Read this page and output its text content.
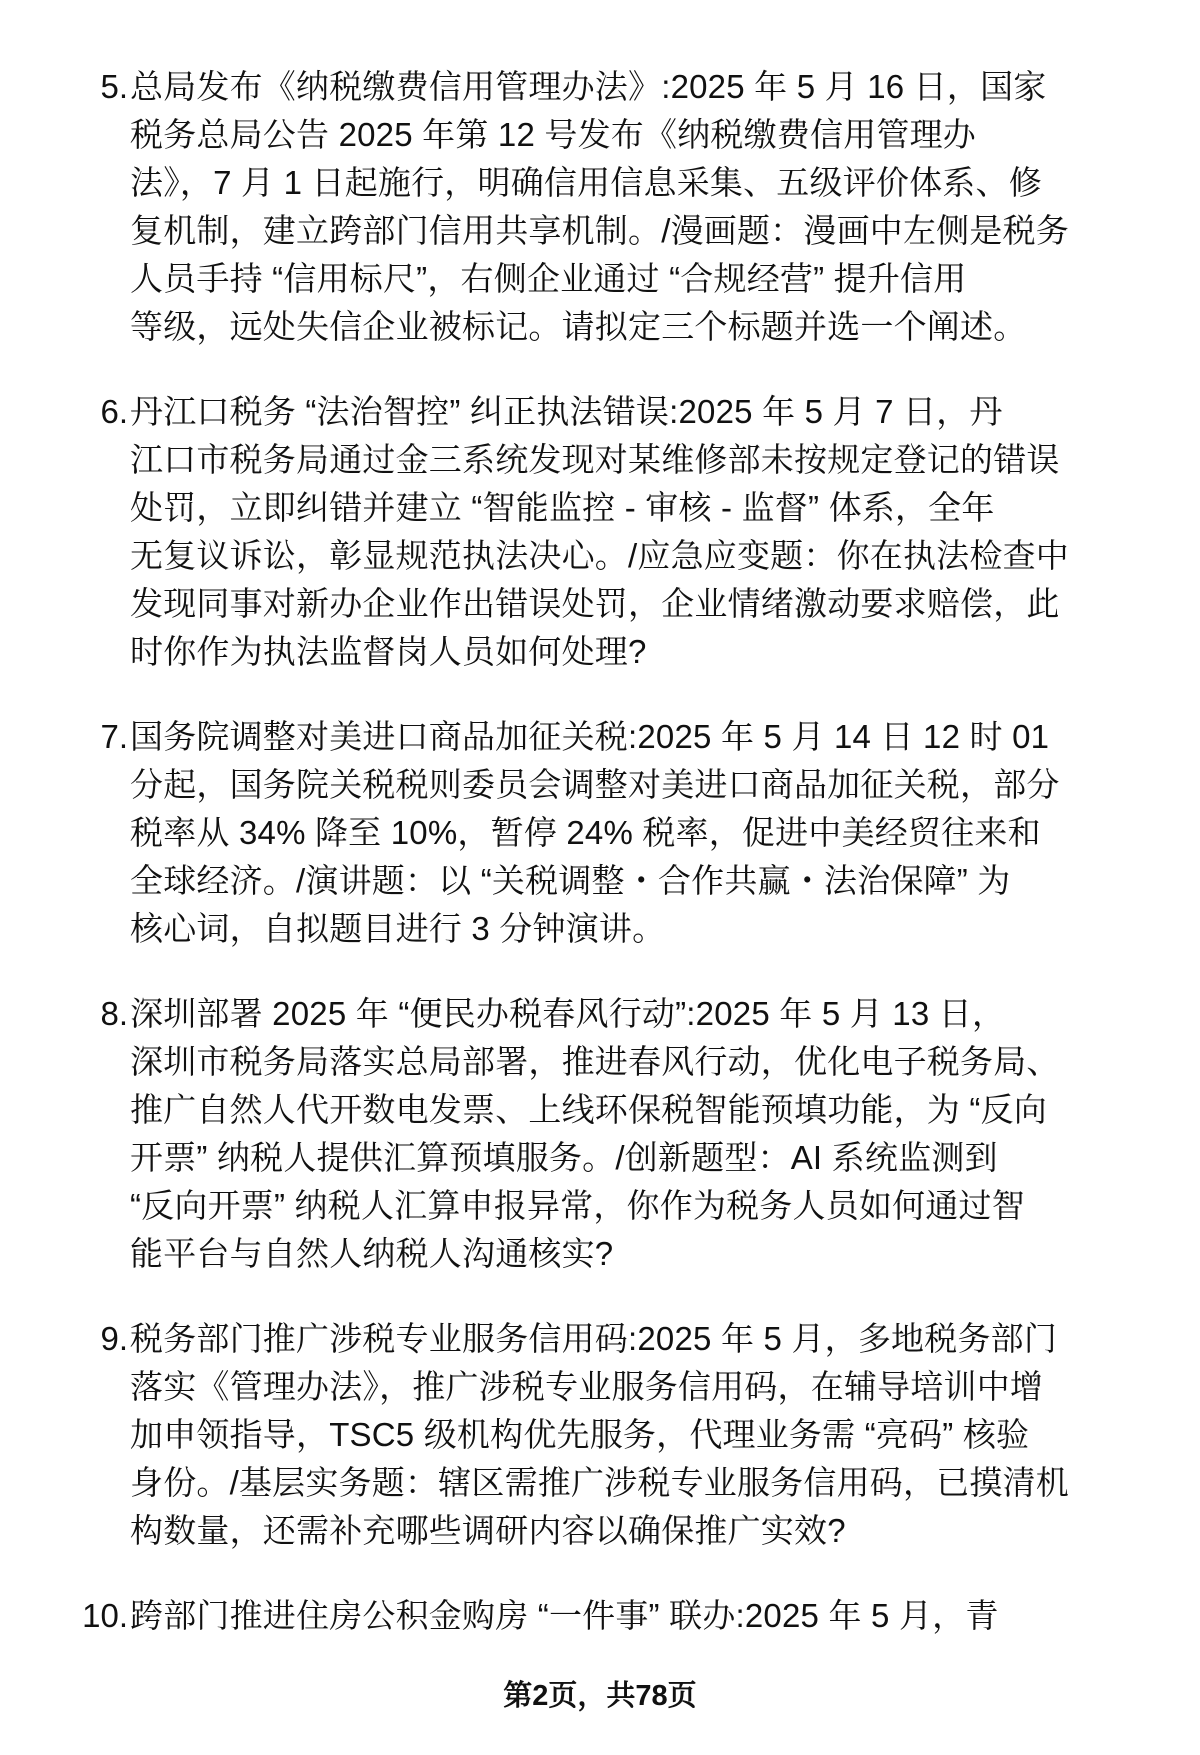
5. 总局发布《纳税缴费信用管理办法》:2025 年 5 月 16 日，国家
税务总局公告 2025 年第 12 号发布《纳税缴费信用管理办
法》，7 月 1 日起施行，明确信用信息采集、五级评价体系、修
复机制，建立跨部门信用共享机制。/漫画题：漫画中左侧是税务
人员手持 “信用标尺”，右侧企业通过 “合规经营” 提升信用
等级，远处失信企业被标记。请拟定三个标题并选一个阐述。
6. 丹江口税务 “法治智控” 纠正执法错误:2025 年 5 月 7 日，丹
江口市税务局通过金三系统发现对某维修部未按规定登记的错误
处罚，立即纠错并建立 “智能监控 - 审核 - 监督” 体系，全年
无复议诉讼，彰显规范执法决心。/应急应变题：你在执法检查中
发现同事对新办企业作出错误处罚，企业情绪激动要求赔偿，此
时你作为执法监督岗人员如何处理?
7. 国务院调整对美进口商品加征关税:2025 年 5 月 14 日 12 时 01
分起，国务院关税税则委员会调整对美进口商品加征关税，部分
税率从 34% 降至 10%，暂停 24% 税率，促进中美经贸往来和
全球经济。/演讲题：以 “关税调整・合作共赢・法治保障” 为
核心词，自拟题目进行 3 分钟演讲。
8. 深圳部署 2025 年 “便民办税春风行动”:2025 年 5 月 13 日，
深圳市税务局落实总局部署，推进春风行动，优化电子税务局、
推广自然人代开数电发票、上线环保税智能预填功能，为 “反向
开票” 纳税人提供汇算预填服务。/创新题型：AI 系统监测到
“反向开票” 纳税人汇算申报异常，你作为税务人员如何通过智
能平台与自然人纳税人沟通核实?
9. 税务部门推广涉税专业服务信用码:2025 年 5 月，多地税务部门
落实《管理办法》，推广涉税专业服务信用码，在辅导培训中增
加申领指导，TSC5 级机构优先服务，代理业务需 “亮码” 核验
身份。/基层实务题：辖区需推广涉税专业服务信用码，已摸清机
构数量，还需补充哪些调研内容以确保推广实效?
10. 跨部门推进住房公积金购房 “一件事” 联办:2025 年 5 月，青
第2页，共78页
